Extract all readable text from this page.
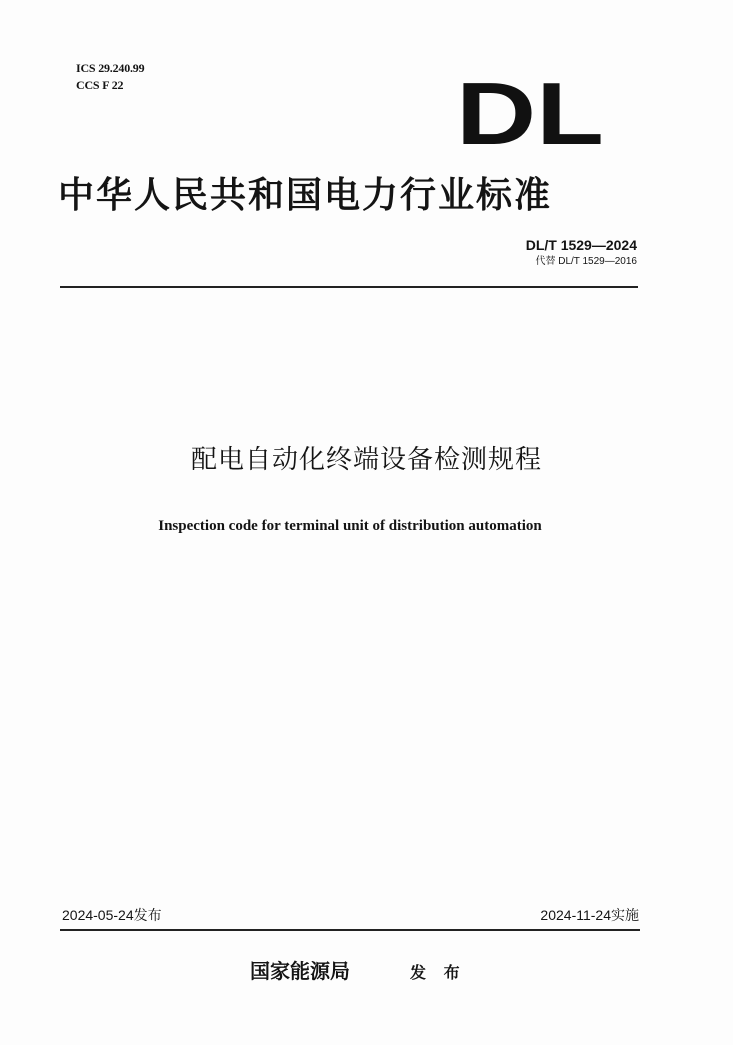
ICS 29.240.99
CCS F 22	DL
中华人民共和国电力行业标准
DL/T 1529—2024
代替 DL/T 1529—2016
配电自动化终端设备检测规程
Inspection code for terminal unit of distribution automation
2024-05-24发布	2024-11-24实施
国家能源局	发 布
